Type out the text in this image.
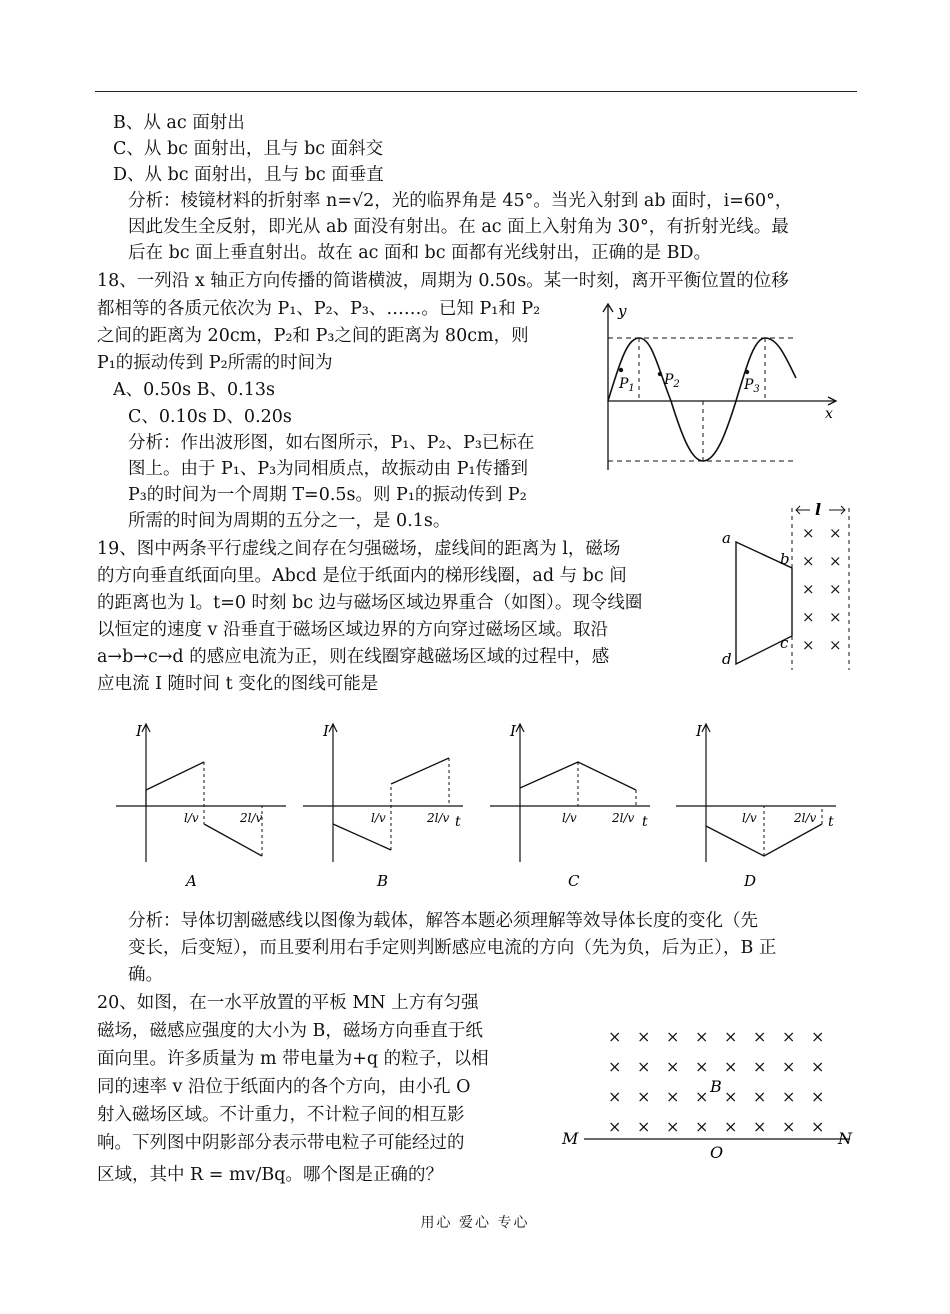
B、从 ac 面射出
C、从 bc 面射出，且与 bc 面斜交
D、从 bc 面射出，且与 bc 面垂直
分析：棱镜材料的折射率 n=√2，光的临界角是 45°。当光入射到 ab 面时，i=60°，
因此发生全反射，即光从 ab 面没有射出。在 ac 面上入射角为 30°，有折射光线。最
后在 bc 面上垂直射出。故在 ac 面和 bc 面都有光线射出，正确的是 BD。
18、一列沿 x 轴正方向传播的简谐横波，周期为 0.50s。某一时刻，离开平衡位置的位移
都相等的各质元依次为 P₁、P₂、P₃、……。已知 P₁和 P₂
之间的距离为 20cm，P₂和 P₃之间的距离为 80cm，则
P₁的振动传到 P₂所需的时间为
A、0.50s B、0.13s
C、0.10s D、0.20s
分析：作出波形图，如右图所示，P₁、P₂、P₃已标在
图上。由于 P₁、P₃为同相质点，故振动由 P₁传播到
P₃的时间为一个周期 T=0.5s。则 P₁的振动传到 P₂
所需的时间为周期的五分之一，是 0.1s。
y
x
$P_1$
$P_2$	$P_3$
19、图中两条平行虚线之间存在匀强磁场，虚线间的距离为 l，磁场
的方向垂直纸面向里。Abcd 是位于纸面内的梯形线圈，ad 与 bc 间
的距离也为 l。t=0 时刻 bc 边与磁场区域边界重合（如图）。现令线圈
以恒定的速度 v 沿垂直于磁场区域边界的方向穿过磁场区域。取沿
a→b→c→d 的感应电流为正，则在线圈穿越磁场区域的过程中，感
应电流 I 随时间 t 变化的图线可能是
l
a
b
c
d
× ×
× ×
× ×
× ×
× ×
I
l/v	2l/v
A
I
l/v	2l/v t
B
I
l/v	2l/v t
C
I
l/v	2l/v t
D
分析：导体切割磁感线以图像为载体，解答本题必须理解等效导体长度的变化（先
变长，后变短），而且要利用右手定则判断感应电流的方向（先为负，后为正），B 正
确。
20、如图，在一水平放置的平板 MN 上方有匀强
磁场，磁感应强度的大小为 B，磁场方向垂直于纸
面向里。许多质量为 m 带电量为+q 的粒子，以相
同的速率 v 沿位于纸面内的各个方向，由小孔 O
射入磁场区域。不计重力，不计粒子间的相互影
响。下列图中阴影部分表示带电粒子可能经过的
区域，其中 R = mv/Bq。哪个图是正确的？
× × × × × × × ×
× × × × × × × ×
× × × × × × × ×
× × × × × × × ×
B
M	N
O
用心 爱心 专心
